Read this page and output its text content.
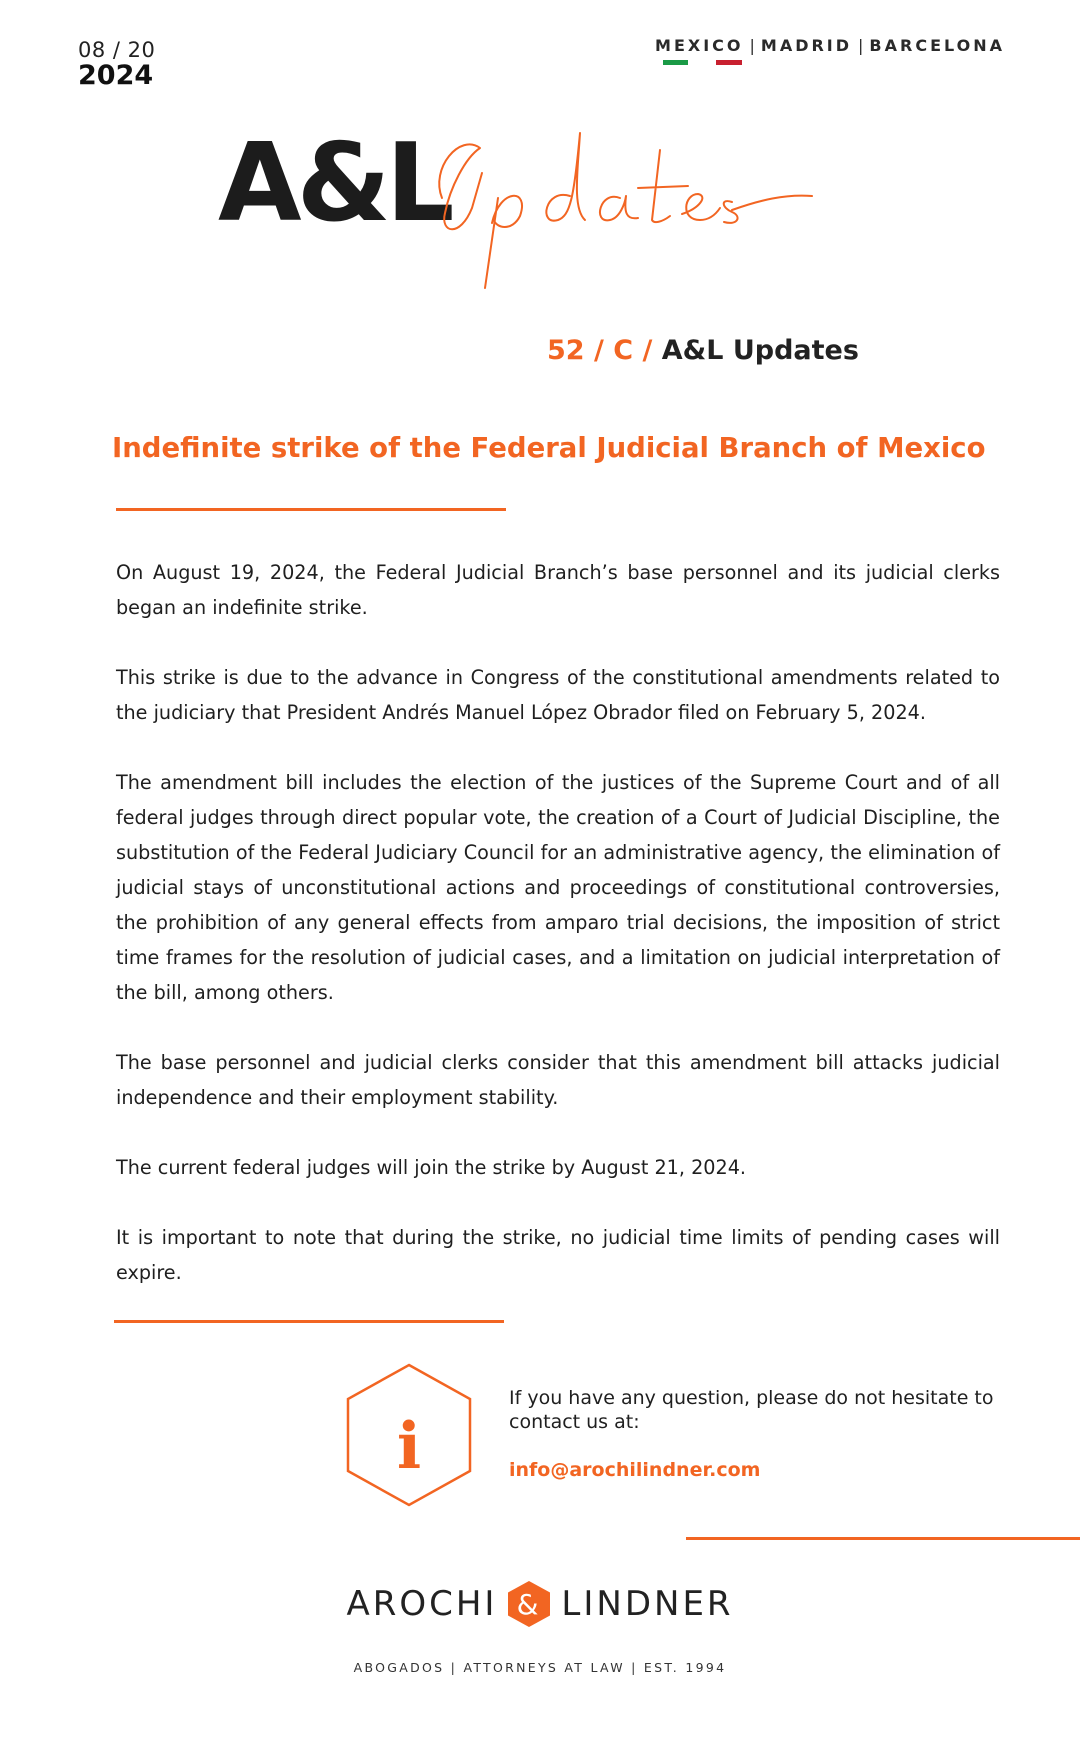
08 / 20
2024
MEXICO | MADRID | BARCELONA
A&L
52 / C / A&L Updates
Indefinite strike of the Federal Judicial Branch of Mexico

On August 19, 2024, the Federal Judicial Branch’s base personnel and its judicial clerks began an indefinite strike.

This strike is due to the advance in Congress of the constitutional amendments related to the judiciary that President Andrés Manuel López Obrador filed on February 5, 2024.

The amendment bill includes the election of the justices of the Supreme Court and of all federal judges through direct popular vote, the creation of a Court of Judicial Discipline, the substitution of the Federal Judiciary Council for an administrative agency, the elimination of judicial stays of unconstitutional actions and proceedings of constitutional controversies, the prohibition of any general effects from amparo trial decisions, the imposition of strict time frames for the resolution of judicial cases, and a limitation on judicial interpretation of the bill, among others.

The base personnel and judicial clerks consider that this amendment bill attacks judicial independence and their employment stability.

The current federal judges will join the strike by August 21, 2024.

It is important to note that during the strike, no judicial time limits of pending cases will expire.

i
If you have any question, please do not hesitate to contact us at:
info@arochilindner.com
AROCHI & LINDNER
ABOGADOS | ATTORNEYS AT LAW | EST. 1994
